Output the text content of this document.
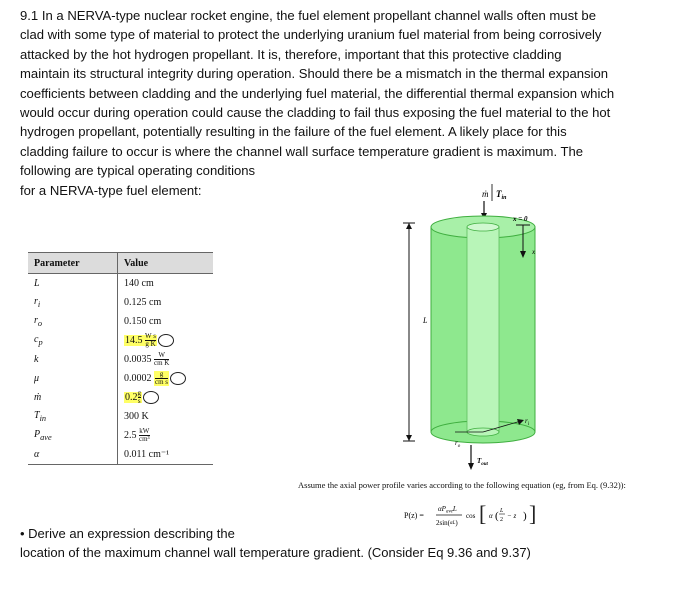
9.1 In a NERVA-type nuclear rocket engine, the fuel element propellant channel walls often must be
clad with some type of material to protect the underlying uranium fuel material from being corrosively
attacked by the hot hydrogen propellant. It is, therefore, important that this protective cladding
maintain its structural integrity during operation. Should there be a mismatch in the thermal expansion
coefficients between cladding and the underlying fuel material, the differential thermal expansion which
would occur during operation could cause the cladding to fail thus exposing the fuel material to the hot
hydrogen propellant, potentially resulting in the failure of the fuel element. A likely place for this
cladding failure to occur is where the channel wall surface temperature gradient is maximum. The
following are typical operating conditions
for a NERVA-type fuel element:
Parameter	Value
L	140 cm
$r_i$	0.125 cm
$r_o$	0.150 cm
$c_p$	$14.5 \frac{\text{W s}}{\text{g K}}$

k	$0.0035 \frac{W}{\text{cm K}}$

μ	$0.0002 \frac{g}{\text{cm s}}$

ṁ	$0.2 \frac{g}{s}$

$T_{in}$	300 K
$P_{ave}$	$2.5 \frac{kW}{\text{cm³}}$

α	0.011 cm⁻¹
ṁ $T_{in}$
L
x = 0
x
$r_i$
$r_o$
$T_{out}$
Assume the axial power profile varies according to the following equation (eg, from Eq. (9.32)):
P(z) =
$\alpha P_{ave}L$
2sin(αL)
cos [ α ( L
2 − z ) ]
• Derive an expression describing the
location of the maximum channel wall temperature gradient. (Consider Eq 9.36 and 9.37)
